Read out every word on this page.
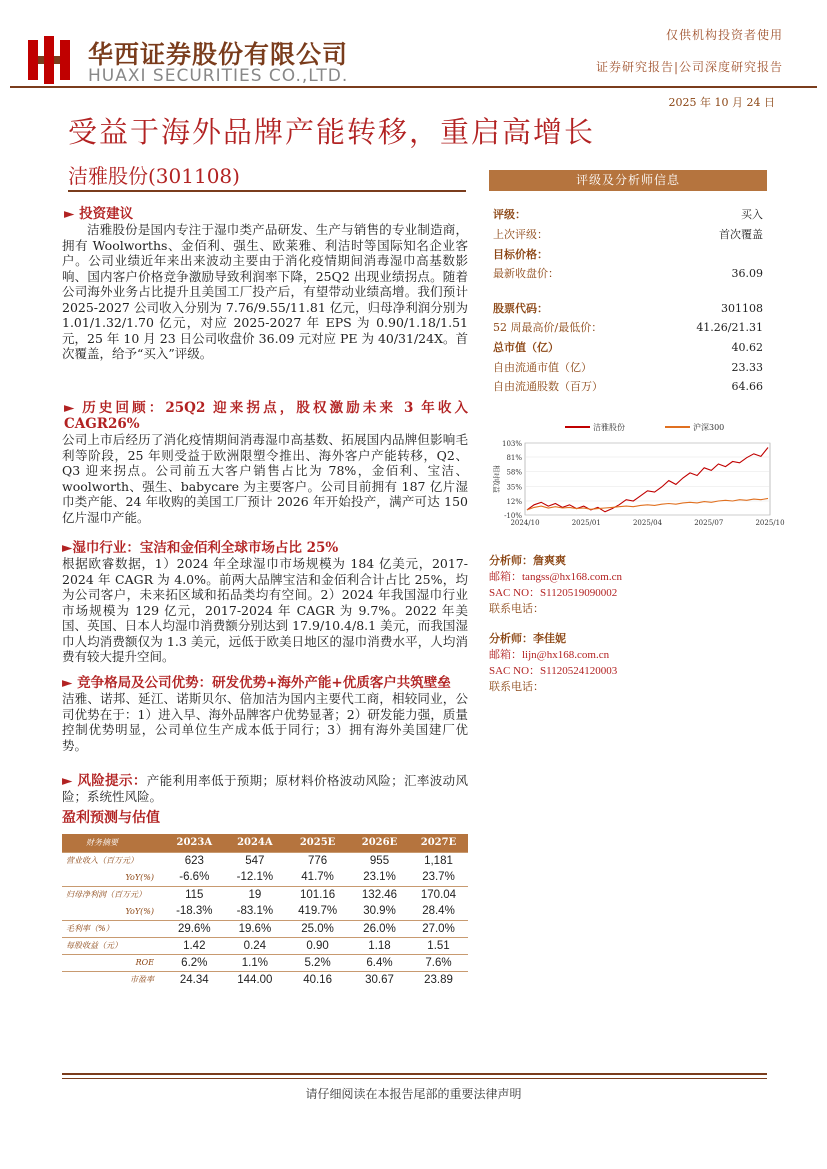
华西证券股份有限公司
HUAXI SECURITIES CO.,LTD.
仅供机构投资者使用
证券研究报告|公司深度研究报告
2025 年 10 月 24 日
受益于海外品牌产能转移，重启高增长
洁雅股份(301108)
► 投资建议
洁雅股份是国内专注于湿巾类产品研发、生产与销售的专业制造商，拥有 Woolworths、金佰利、强生、欧莱雅、利洁时等国际知名企业客户。公司业绩近年来出来波动主要由于消化疫情期间消毒湿巾高基数影响、国内客户价格竞争激励导致利润率下降，25Q2 出现业绩拐点。随着公司海外业务占比提升且美国工厂投产后，有望带动业绩高增。我们预计 2025-2027 公司收入分别为 7.76/9.55/11.81 亿元，归母净利润分别为 1.01/1.32/1.70 亿元，对应 2025-2027 年 EPS 为 0.90/1.18/1.51 元，25 年 10 月 23 日公司收盘价 36.09 元对应 PE 为 40/31/24X。首次覆盖，给予“买入”评级。
► 历史回顾：25Q2 迎来拐点，股权激励未来 3 年收入 CAGR26%
公司上市后经历了消化疫情期间消毒湿巾高基数、拓展国内品牌但影响毛利等阶段，25 年则受益于欧洲限塑令推出、海外客户产能转移，Q2、Q3 迎来拐点。公司前五大客户销售占比为 78%，金佰利、宝洁、woolworth、强生、babycare 为主要客户。公司目前拥有 187 亿片湿巾类产能、24 年收购的美国工厂预计 2026 年开始投产，满产可达 150 亿片湿巾产能。
►湿巾行业：宝洁和金佰利全球市场占比 25%
根据欧睿数据，1）2024 年全球湿巾市场规模为 184 亿美元，2017-2024 年 CAGR 为 4.0%。前两大品牌宝洁和金佰利合计占比 25%，均为公司客户，未来拓区域和拓品类均有空间。2）2024 年我国湿巾行业市场规模为 129 亿元，2017-2024 年 CAGR 为 9.7%。2022 年美国、英国、日本人均湿巾消费额分别达到 17.9/10.4/8.1 美元，而我国湿巾人均消费额仅为 1.3 美元，远低于欧美日地区的湿巾消费水平，人均消费有较大提升空间。
► 竞争格局及公司优势：研发优势+海外产能+优质客户共筑壁垒
洁雅、诺邦、延江、诺斯贝尔、倍加洁为国内主要代工商，相较同业，公司优势在于：1）进入早、海外品牌客户优势显著；2）研发能力强，质量控制优势明显，公司单位生产成本低于同行；3）拥有海外美国建厂优势。
► 风险提示：产能利用率低于预期；原材料价格波动风险；汇率波动风险；系统性风险。
评级及分析师信息
评级：	买入
上次评级：	首次覆盖
目标价格：
最新收盘价：	36.09
股票代码：	301108
52 周最高价/最低价：	41.26/21.31
总市值（亿）	40.62
自由流通市值（亿）	23.33
自由流通股数（百万）	64.66
洁雅股份	沪深300
103%
81%
58%
35%
12%
-10%
2024/10	2025/01	2025/04	2025/07	2025/10
相对收益
分析师：詹爽爽
邮箱：tangss@hx168.com.cn
SAC NO：S1120519090002
联系电话：
分析师：李佳妮
邮箱：lijn@hx168.com.cn
SAC NO：S1120524120003
联系电话：
盈利预测与估值
财务摘要	2023A	2024A	2025E	2026E	2027E
营业收入（百万元）	623	547	776	955	1,181
YoY(%)	-6.6%	-12.1%	41.7%	23.1%	23.7%
归母净利润（百万元）	115	19	101.16	132.46	170.04
YoY(%)	-18.3%	-83.1%	419.7%	30.9%	28.4%
毛利率（%）	29.6%	19.6%	25.0%	26.0%	27.0%
每股收益（元）	1.42	0.24	0.90	1.18	1.51
ROE	6.2%	1.1%	5.2%	6.4%	7.6%
市盈率	24.34	144.00	40.16	30.67	23.89
请仔细阅读在本报告尾部的重要法律声明
